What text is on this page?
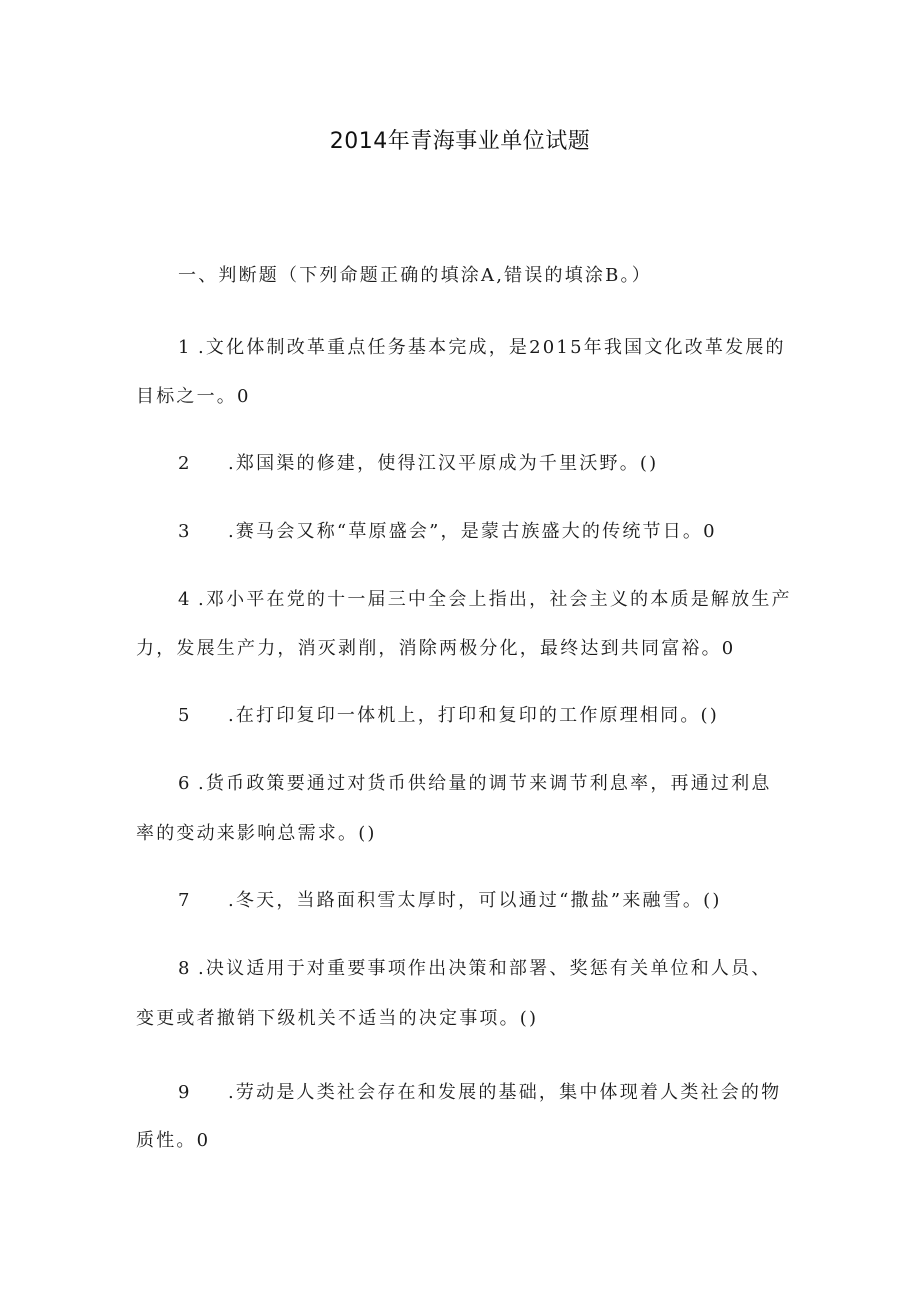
2014年青海事业单位试题
一、判断题（下列命题正确的填涂A,错误的填涂B。）
1 .文化体制改革重点任务基本完成，是2015年我国文化改革发展的
目标之一。0
2 .郑国渠的修建，使得江汉平原成为千里沃野。()
3 .赛马会又称“草原盛会”，是蒙古族盛大的传统节日。0
4 .邓小平在党的十一届三中全会上指出，社会主义的本质是解放生产
力，发展生产力，消灭剥削，消除两极分化，最终达到共同富裕。0
5 .在打印复印一体机上，打印和复印的工作原理相同。()
6 .货币政策要通过对货币供给量的调节来调节利息率，再通过利息
率的变动来影响总需求。()
7 .冬天，当路面积雪太厚时，可以通过“撒盐”来融雪。()
8 .决议适用于对重要事项作出决策和部署、奖惩有关单位和人员、
变更或者撤销下级机关不适当的决定事项。()
9 .劳动是人类社会存在和发展的基础，集中体现着人类社会的物
质性。0
